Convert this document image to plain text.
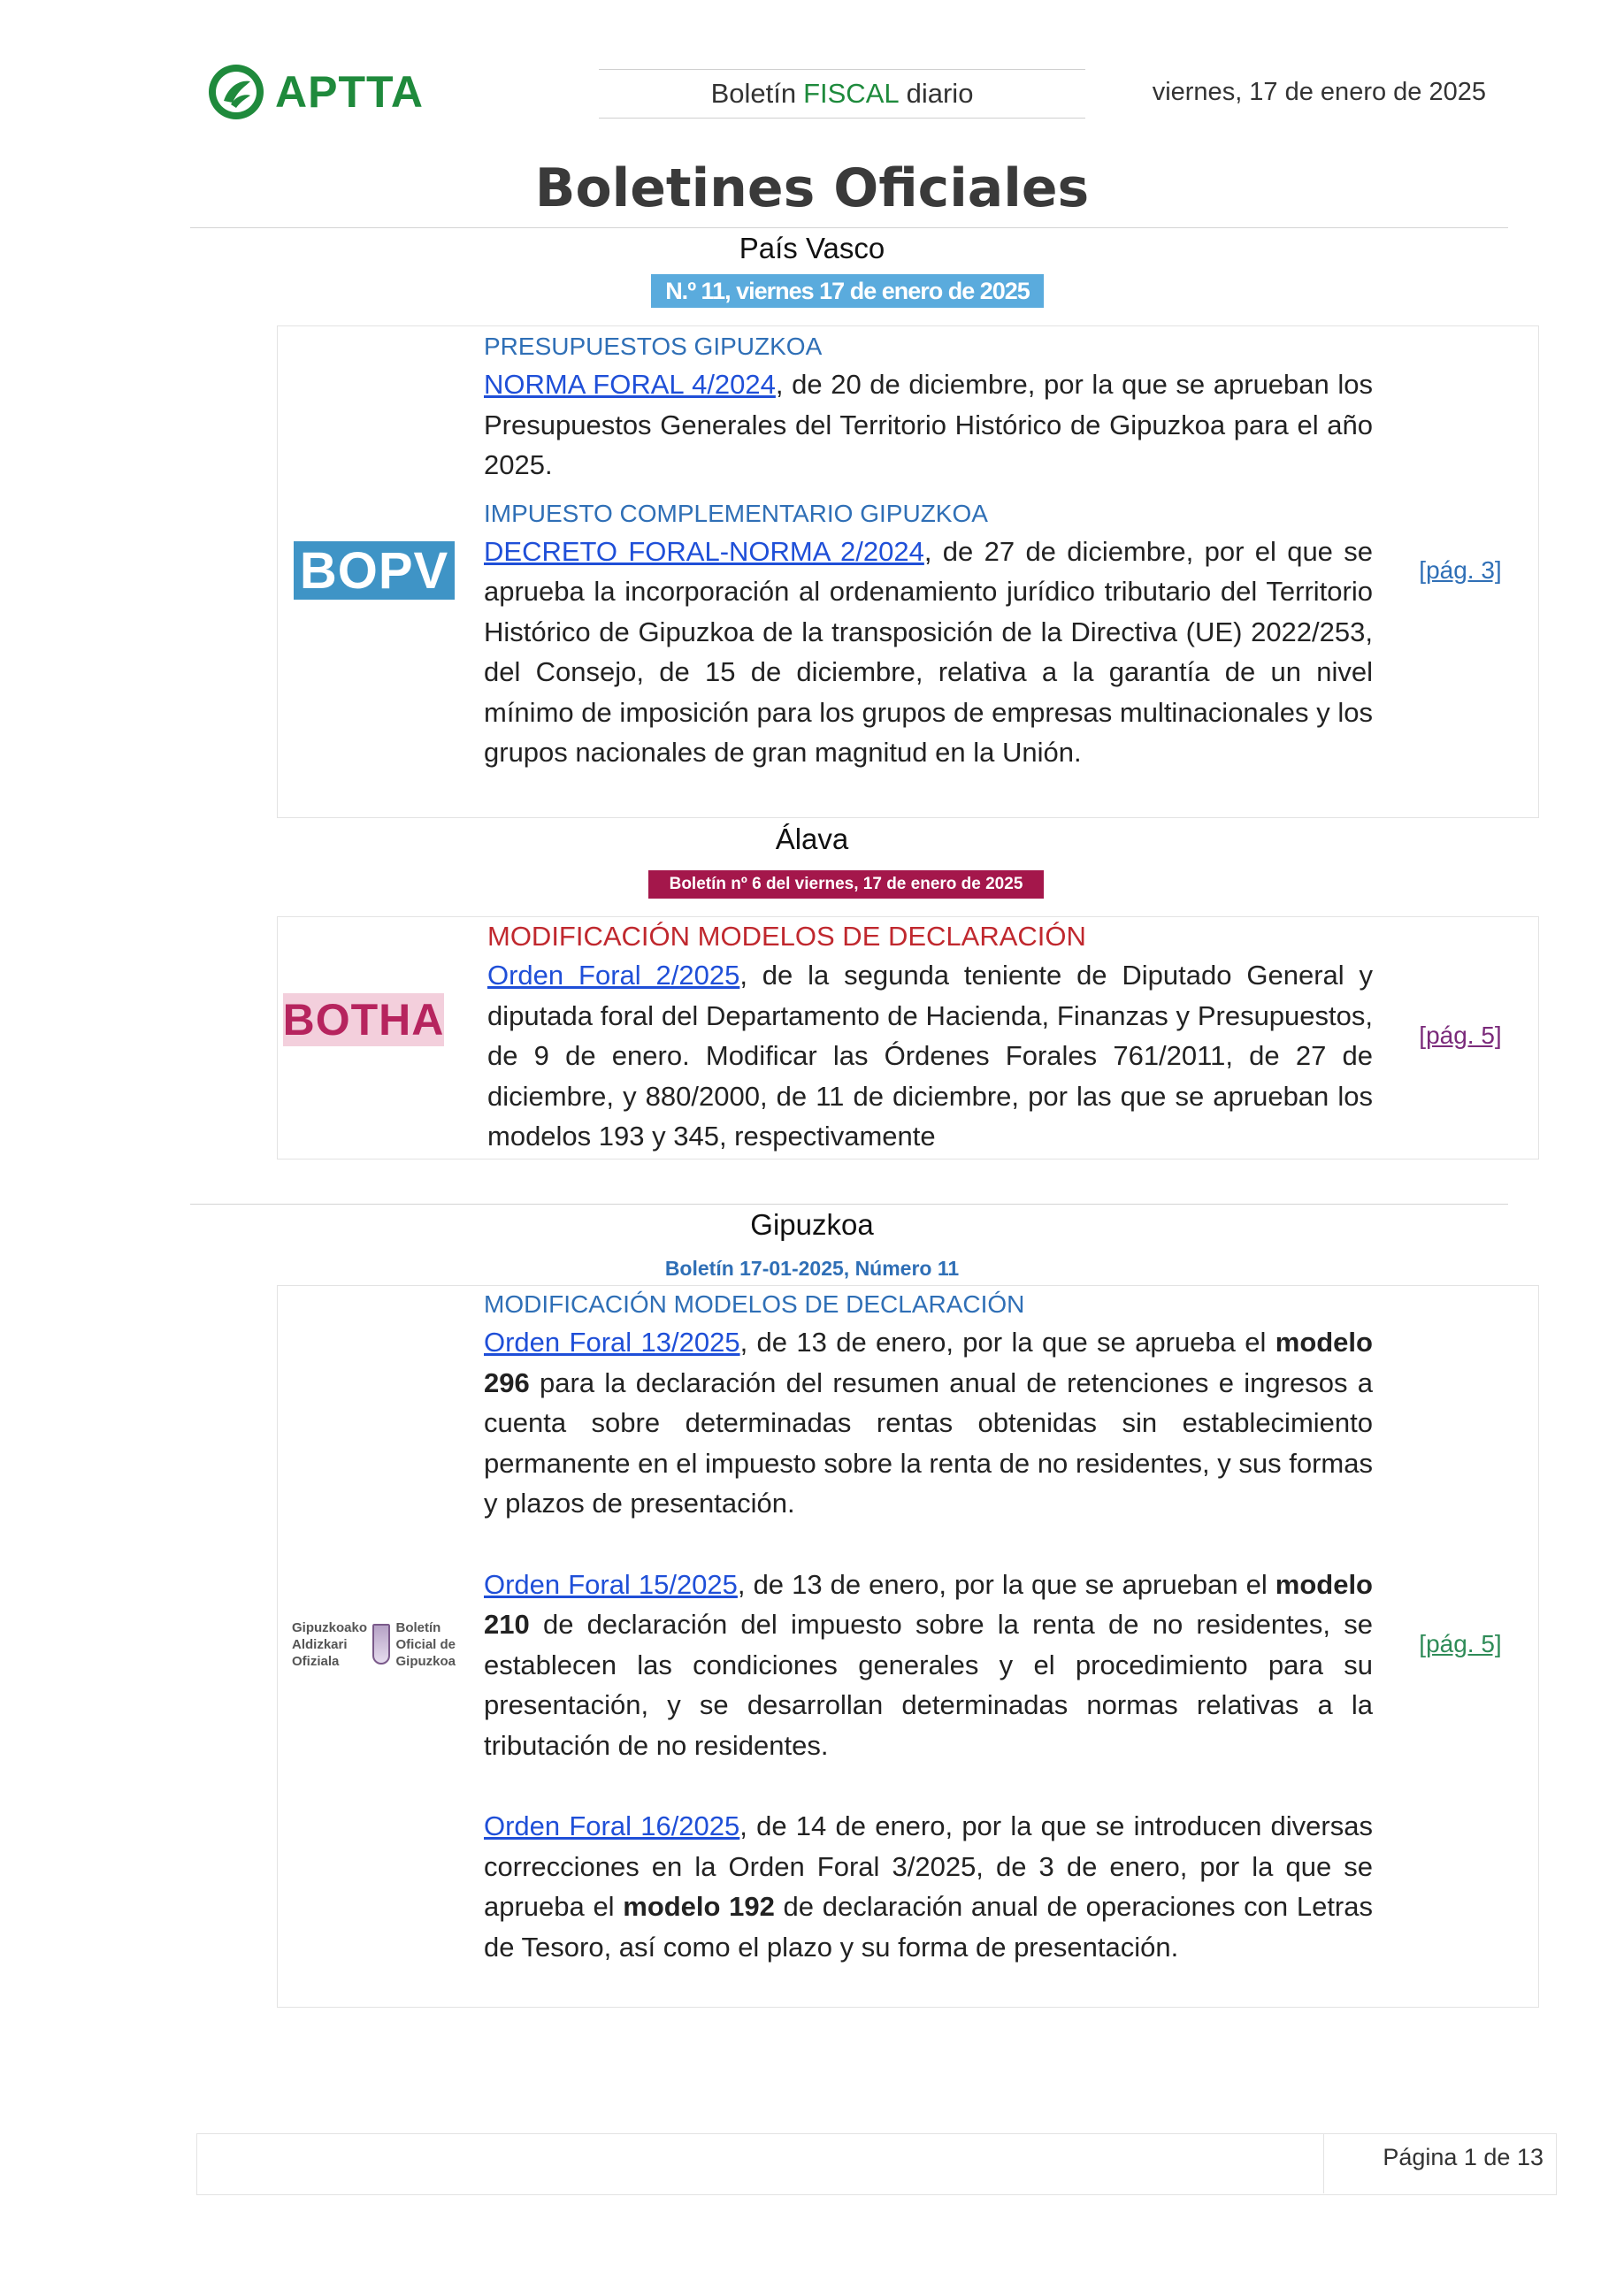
APTTA	Boletín FISCAL diario	viernes, 17 de enero de 2025
Boletines Oficiales
País Vasco
N.º 11, viernes 17 de enero de 2025
BOPV
PRESUPUESTOS GIPUZKOA
NORMA FORAL 4/2024, de 20 de diciembre, por la que se aprueban los Presupuestos Generales del Territorio Histórico de Gipuzkoa para el año 2025.
IMPUESTO COMPLEMENTARIO GIPUZKOA
DECRETO FORAL-NORMA 2/2024, de 27 de diciembre, por el que se aprueba la incorporación al ordenamiento jurídico tributario del Territorio Histórico de Gipuzkoa de la transposición de la Directiva (UE) 2022/253, del Consejo, de 15 de diciembre, relativa a la garantía de un nivel mínimo de imposición para los grupos de empresas multinacionales y los grupos nacionales de gran magnitud en la Unión.
[pág. 3]
Álava
Boletín nº 6 del viernes, 17 de enero de 2025
BOTHA
MODIFICACIÓN MODELOS DE DECLARACIÓN
Orden Foral 2/2025, de la segunda teniente de Diputado General y diputada foral del Departamento de Hacienda, Finanzas y Presupuestos, de 9 de enero. Modificar las Órdenes Forales 761/2011, de 27 de diciembre, y 880/2000, de 11 de diciembre, por las que se aprueban los modelos 193 y 345, respectivamente
[pág. 5]
Gipuzkoa
Boletín 17-01-2025, Número 11
Gipuzkoako
Aldizkari
Ofiziala
Boletín
Oficial de
Gipuzkoa
MODIFICACIÓN MODELOS DE DECLARACIÓN
Orden Foral 13/2025, de 13 de enero, por la que se aprueba el modelo 296 para la declaración del resumen anual de retenciones e ingresos a cuenta sobre determinadas rentas obtenidas sin establecimiento permanente en el impuesto sobre la renta de no residentes, y sus formas y plazos de presentación.
Orden Foral 15/2025, de 13 de enero, por la que se aprueban el modelo 210 de declaración del impuesto sobre la renta de no residentes, se establecen las condiciones generales y el procedimiento para su presentación, y se desarrollan determinadas normas relativas a la tributación de no residentes.
Orden Foral 16/2025, de 14 de enero, por la que se introducen diversas correcciones en la Orden Foral 3/2025, de 3 de enero, por la que se aprueba el modelo 192 de declaración anual de operaciones con Letras de Tesoro, así como el plazo y su forma de presentación.
[pág. 5]
Página 1 de 13
